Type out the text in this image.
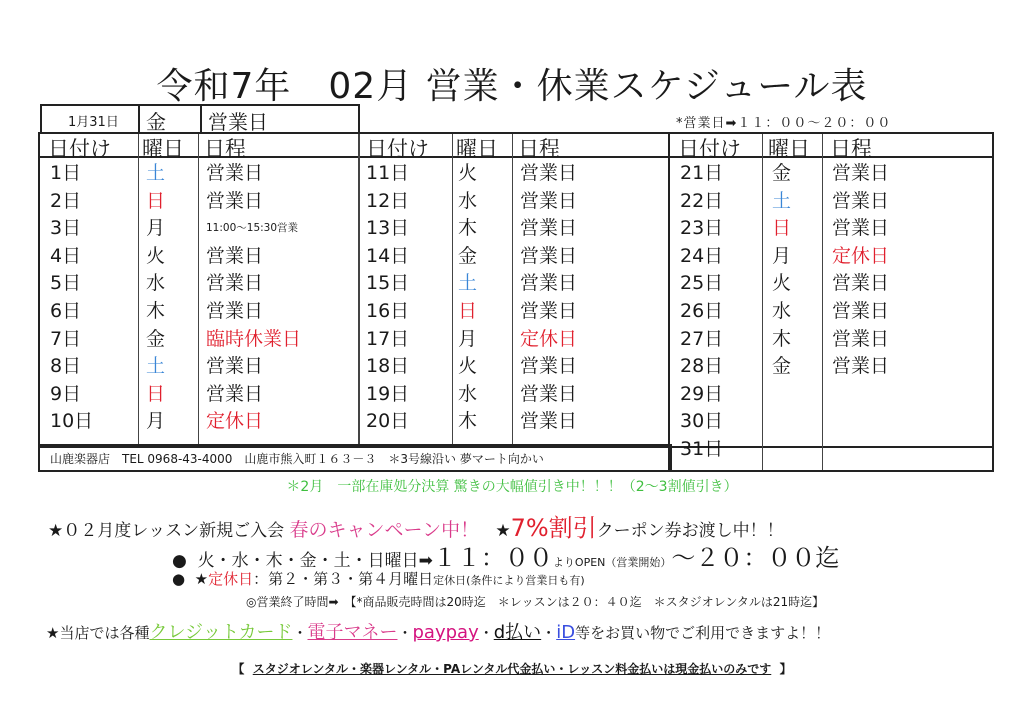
令和7年　02月 営業・休業スケジュール表
1月31日 金 営業日	*営業日➡１１：００〜２０：００
日付け 曜日 日程	日付け 曜日 日程	日付け 曜日 日程
1日	土 営業日
2日	日 営業日
3日	月	11:00〜15:30営業
4日	火 営業日
5日	水 営業日
6日	木 営業日
7日	金 臨時休業日
8日	土 営業日
9日	日 営業日
10日	月 定休日
11日	火 営業日
12日	水 営業日
13日	木 営業日
14日	金 営業日
15日	土 営業日
16日	日 営業日
17日	月 定休日
18日	火 営業日
19日	水 営業日
20日	木 営業日
21日	金 営業日
22日	土 営業日
23日	日 営業日
24日	月 定休日
25日	火 営業日
26日	水 営業日
27日	木 営業日
28日	金 営業日
29日
30日
31日
山鹿楽器店　TEL 0968-43-4000　山鹿市熊入町１６３－３　＊3号線沿い 夢マート向かい
＊2月　一部在庫処分決算 驚きの大幅値引き中！！！（2〜3割値引き）
★０２月度レッスン新規ご入会 春のキャンペーン中！ ★7%割引クーポン券お渡し中！！
● 火・水・木・金・土・日曜日➡１１：００よりOPEN（営業開始）〜２０：００迄
● ★定休日：第２・第３・第４月曜日定休日(条件により営業日も有)
◎営業終了時間➡　【*商品販売時間は20時迄　＊レッスンは２０：４０迄　＊スタジオレンタルは21時迄】
★当店では各種クレジットカード・電子マネー・paypay・d払い・iD等をお買い物でご利用できますよ！！
【 スタジオレンタル・楽器レンタル・PAレンタル代金払い・レッスン料金払いは現金払いのみです 】
